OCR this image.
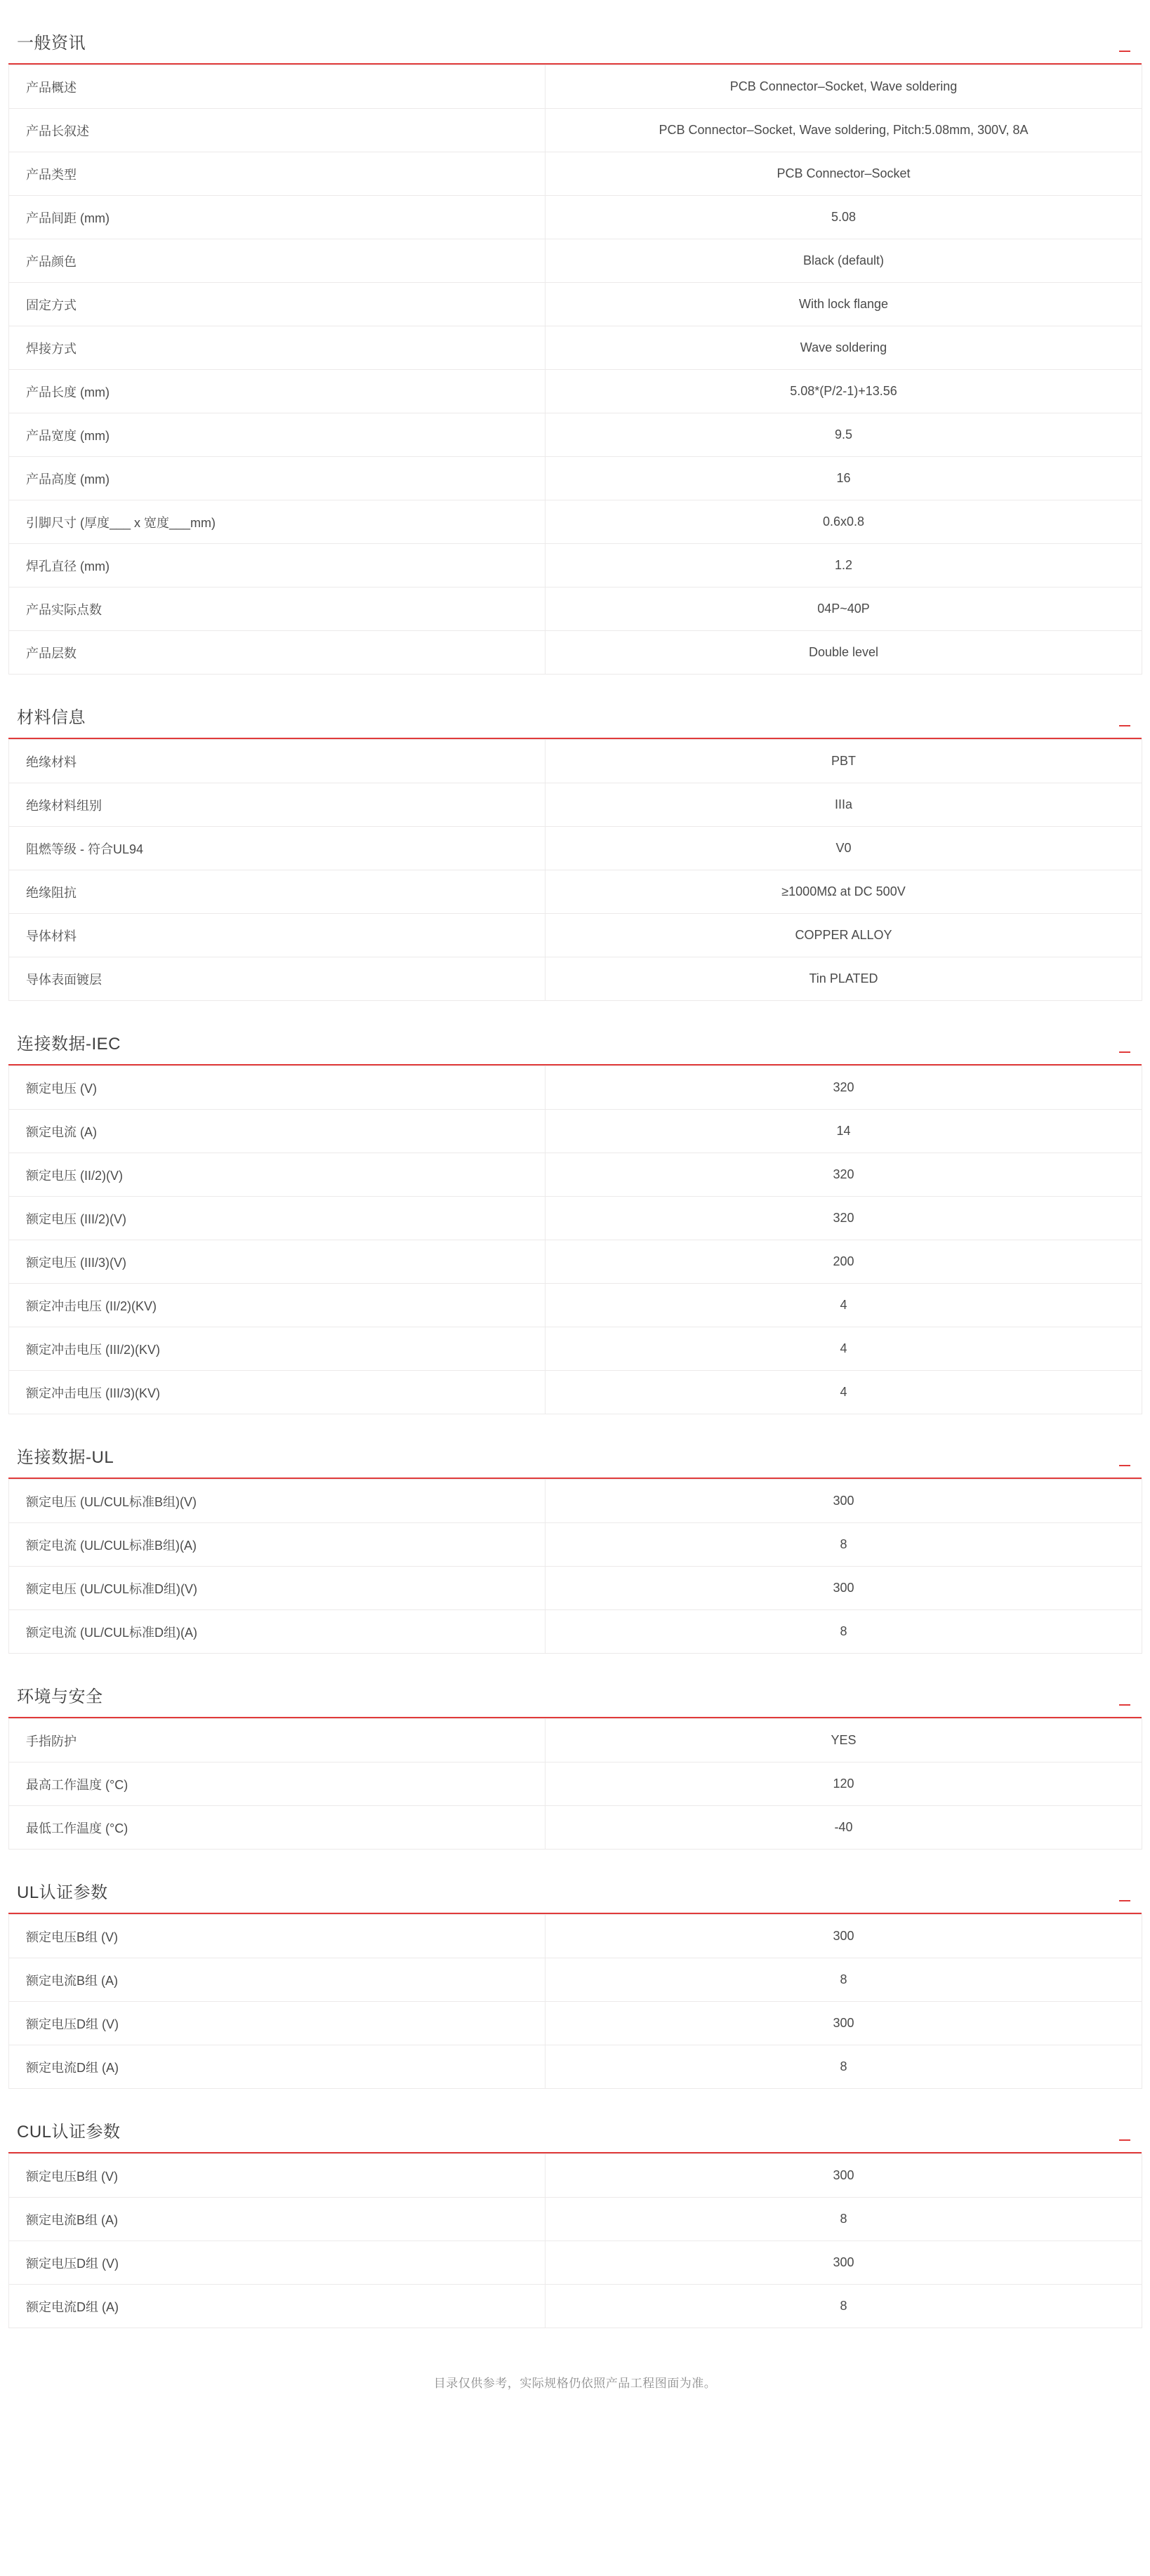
一般资讯
产品概述	PCB Connector–Socket, Wave soldering
产品长叙述	PCB Connector–Socket, Wave soldering, Pitch:5.08mm, 300V, 8A
产品类型	PCB Connector–Socket
产品间距 (mm)	5.08
产品颜色	Black (default)
固定方式	With lock flange
焊接方式	Wave soldering
产品长度 (mm)	5.08*(P/2-1)+13.56
产品宽度 (mm)	9.5
产品高度 (mm)	16
引脚尺寸 (厚度___ x 宽度___mm)	0.6x0.8
焊孔直径 (mm)	1.2
产品实际点数	04P~40P
产品层数	Double level
材料信息
绝缘材料	PBT
绝缘材料组别	IIIa
阻燃等级 - 符合UL94	V0
绝缘阻抗	≥1000MΩ at DC 500V
导体材料	COPPER ALLOY
导体表面镀层	Tin PLATED
连接数据-IEC
额定电压 (V)	320
额定电流 (A)	14
额定电压 (II/2)(V)	320
额定电压 (III/2)(V)	320
额定电压 (III/3)(V)	200
额定冲击电压 (II/2)(KV)	4
额定冲击电压 (III/2)(KV)	4
额定冲击电压 (III/3)(KV)	4
连接数据-UL
额定电压 (UL/CUL标准B组)(V)	300
额定电流 (UL/CUL标准B组)(A)	8
额定电压 (UL/CUL标准D组)(V)	300
额定电流 (UL/CUL标准D组)(A)	8
环境与安全
手指防护	YES
最高工作温度 (°C)	120
最低工作温度 (°C)	-40
UL认证参数
额定电压B组 (V)	300
额定电流B组 (A)	8
额定电压D组 (V)	300
额定电流D组 (A)	8
CUL认证参数
额定电压B组 (V)	300
额定电流B组 (A)	8
额定电压D组 (V)	300
额定电流D组 (A)	8
目录仅供参考，实际规格仍依照产品工程图面为准。
